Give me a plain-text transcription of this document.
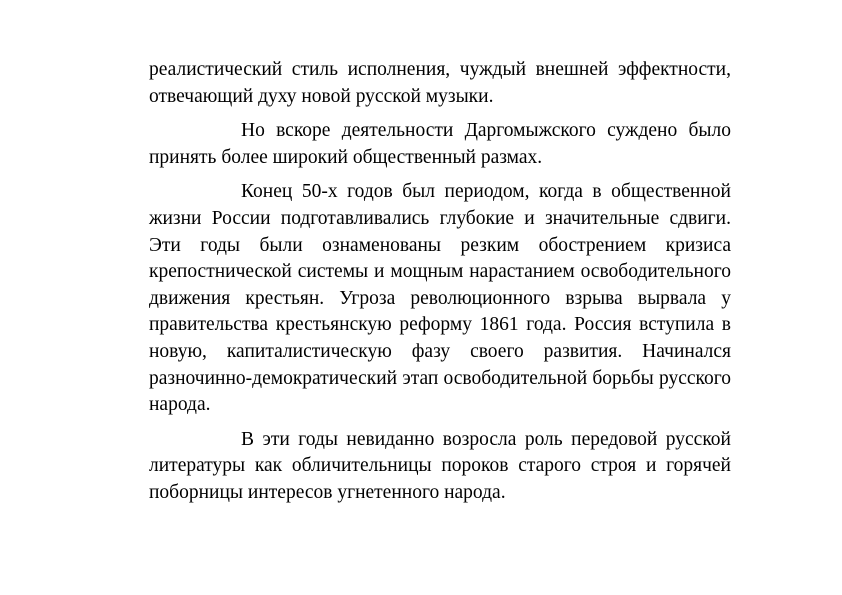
реалистический стиль исполнения, чуждый внешней эффектности, отвечающий духу новой русской музыки.

Но вскоре деятельности Даргомыжского суждено было принять более широкий общественный размах.

Конец 50-х годов был периодом, когда в общественной жизни России подготавливались глубокие и значительные сдвиги. Эти годы были ознаменованы резким обострением кризиса крепостнической системы и мощным нарастанием освободительного движения крестьян. Угроза революционного взрыва вырвала у правительства крестьянскую реформу 1861 года. Россия вступила в новую, капиталистическую фазу своего развития. Начинался разночинно-демократический этап освободительной борьбы русского народа.

В эти годы невиданно возросла роль передовой русской литературы как обличительницы пороков старого строя и горячей поборницы интересов угнетенного народа.
